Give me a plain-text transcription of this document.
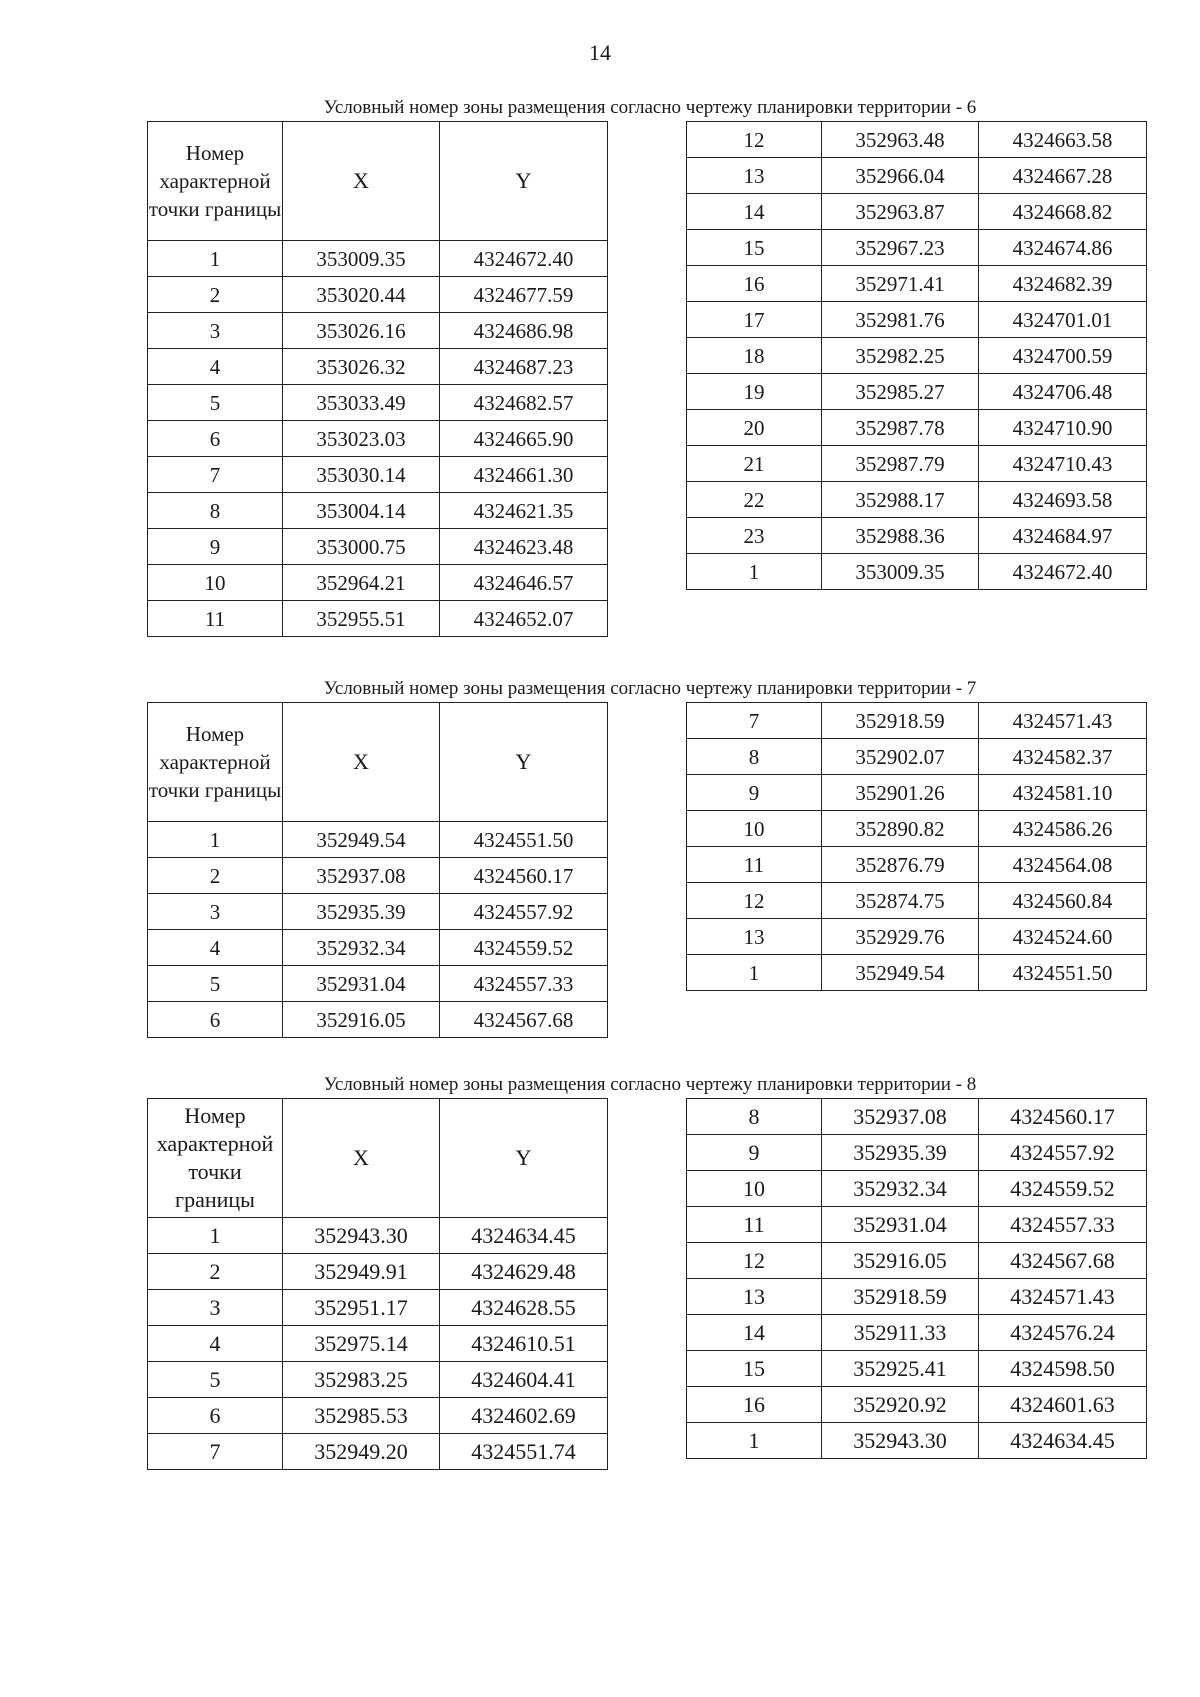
14
Условный номер зоны размещения согласно чертежу планировки территории - 6
Номер характерной точки границы	X	Y
1	353009.35	4324672.40
2	353020.44	4324677.59
3	353026.16	4324686.98
4	353026.32	4324687.23
5	353033.49	4324682.57
6	353023.03	4324665.90
7	353030.14	4324661.30
8	353004.14	4324621.35
9	353000.75	4324623.48
10	352964.21	4324646.57
11	352955.51	4324652.07
12	352963.48	4324663.58
13	352966.04	4324667.28
14	352963.87	4324668.82
15	352967.23	4324674.86
16	352971.41	4324682.39
17	352981.76	4324701.01
18	352982.25	4324700.59
19	352985.27	4324706.48
20	352987.78	4324710.90
21	352987.79	4324710.43
22	352988.17	4324693.58
23	352988.36	4324684.97
1	353009.35	4324672.40
Условный номер зоны размещения согласно чертежу планировки территории - 7
Номер характерной точки границы	X	Y
1	352949.54	4324551.50
2	352937.08	4324560.17
3	352935.39	4324557.92
4	352932.34	4324559.52
5	352931.04	4324557.33
6	352916.05	4324567.68
7	352918.59	4324571.43
8	352902.07	4324582.37
9	352901.26	4324581.10
10	352890.82	4324586.26
11	352876.79	4324564.08
12	352874.75	4324560.84
13	352929.76	4324524.60
1	352949.54	4324551.50
Условный номер зоны размещения согласно чертежу планировки территории - 8
Номер характерной точки границы	X	Y
1	352943.30	4324634.45
2	352949.91	4324629.48
3	352951.17	4324628.55
4	352975.14	4324610.51
5	352983.25	4324604.41
6	352985.53	4324602.69
7	352949.20	4324551.74
8	352937.08	4324560.17
9	352935.39	4324557.92
10	352932.34	4324559.52
11	352931.04	4324557.33
12	352916.05	4324567.68
13	352918.59	4324571.43
14	352911.33	4324576.24
15	352925.41	4324598.50
16	352920.92	4324601.63
1	352943.30	4324634.45
